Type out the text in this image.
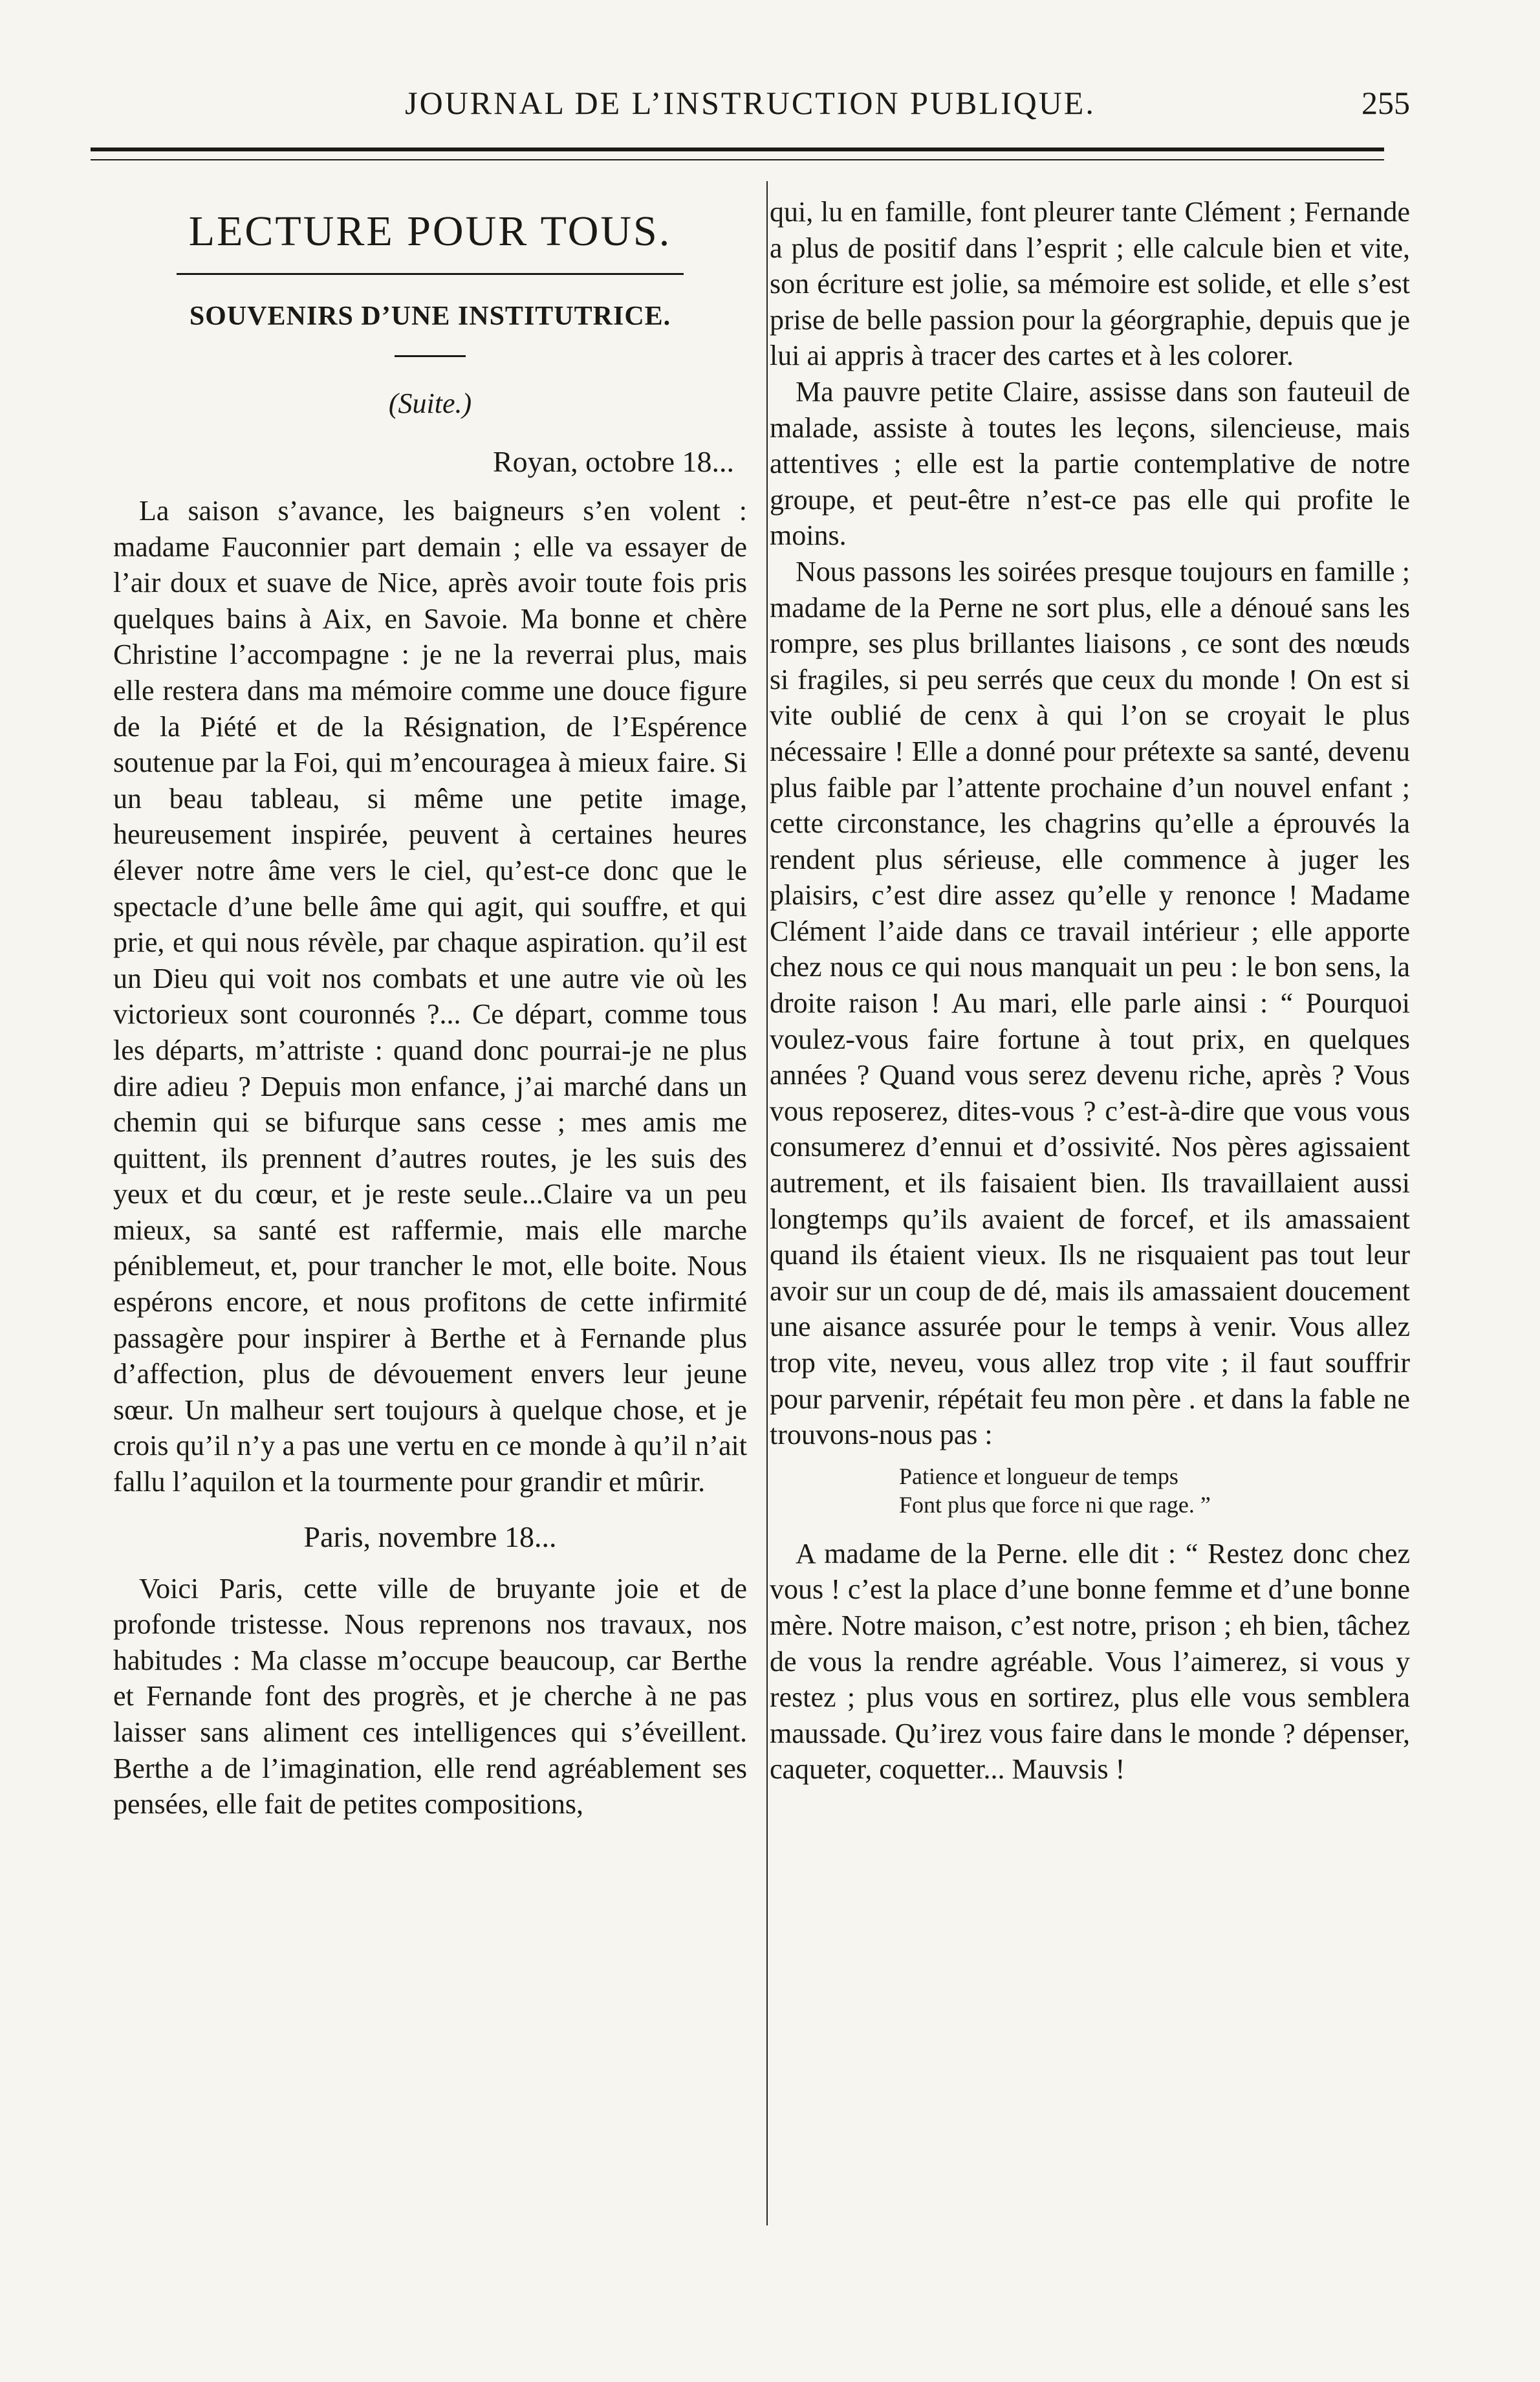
JOURNAL DE L’INSTRUCTION PUBLIQUE.	255
LECTURE POUR TOUS.
SOUVENIRS D’UNE INSTITUTRICE.
(Suite.)
Royan, octobre 18...

La saison s’avance, les baigneurs s’en volent : madame Fauconnier part demain ; elle va essayer de l’air doux et suave de Nice, après avoir toute fois pris quelques bains à Aix, en Savoie. Ma bonne et chère Christine l’accompagne : je ne la reverrai plus, mais elle restera dans ma mémoire comme une douce figure de la Piété et de la Résignation, de l’Espérence soutenue par la Foi, qui m’encouragea à mieux faire. Si un beau tableau, si même une petite image, heureusement inspirée, peuvent à certaines heures élever notre âme vers le ciel, qu’est-ce donc que le spectacle d’une belle âme qui agit, qui souffre, et qui prie, et qui nous révèle, par chaque aspiration. qu’il est un Dieu qui voit nos combats et une autre vie où les victorieux sont couronnés ?... Ce départ, comme tous les départs, m’attriste : quand donc pourrai-je ne plus dire adieu ? Depuis mon enfance, j’ai marché dans un chemin qui se bifurque sans cesse ; mes amis me quittent, ils prennent d’autres routes, je les suis des yeux et du cœur, et je reste seule...Claire va un peu mieux, sa santé est raffermie, mais elle marche péniblemeut, et, pour trancher le mot, elle boite. Nous espérons encore, et nous profitons de cette infirmité passagère pour inspirer à Berthe et à Fernande plus d’affection, plus de dévouement envers leur jeune sœur. Un malheur sert toujours à quelque chose, et je crois qu’il n’y a pas une vertu en ce monde à qu’il n’ait fallu l’aquilon et la tourmente pour grandir et mûrir.

Paris, novembre 18...

Voici Paris, cette ville de bruyante joie et de profonde tristesse. Nous reprenons nos travaux, nos habitudes : Ma classe m’occupe beaucoup, car Berthe et Fernande font des progrès, et je cherche à ne pas laisser sans aliment ces intelligences qui s’éveillent. Berthe a de l’imagination, elle rend agréablement ses pensées, elle fait de petites compositions,

qui, lu en famille, font pleurer tante Clément ; Fernande a plus de positif dans l’esprit ; elle calcule bien et vite, son écriture est jolie, sa mémoire est solide, et elle s’est prise de belle passion pour la géorgraphie, depuis que je lui ai appris à tracer des cartes et à les colorer.

Ma pauvre petite Claire, assisse dans son fauteuil de malade, assiste à toutes les leçons, silencieuse, mais attentives ; elle est la partie contemplative de notre groupe, et peut-être n’est-ce pas elle qui profite le moins.

Nous passons les soirées presque toujours en famille ; madame de la Perne ne sort plus, elle a dénoué sans les rompre, ses plus brillantes liaisons , ce sont des nœuds si fragiles, si peu serrés que ceux du monde ! On est si vite oublié de cenx à qui l’on se croyait le plus nécessaire ! Elle a donné pour prétexte sa santé, devenu plus faible par l’attente prochaine d’un nouvel enfant ; cette circonstance, les chagrins qu’elle a éprouvés la rendent plus sérieuse, elle commence à juger les plaisirs, c’est dire assez qu’elle y renonce ! Madame Clément l’aide dans ce travail intérieur ; elle apporte chez nous ce qui nous manquait un peu : le bon sens, la droite raison ! Au mari, elle parle ainsi : “ Pourquoi voulez-vous faire fortune à tout prix, en quelques années ? Quand vous serez devenu riche, après ? Vous vous reposerez, dites-vous ? c’est-à-dire que vous vous consumerez d’ennui et d’ossivité. Nos pères agissaient autrement, et ils faisaient bien. Ils travaillaient aussi longtemps qu’ils avaient de forcef, et ils amassaient quand ils étaient vieux. Ils ne risquaient pas tout leur avoir sur un coup de dé, mais ils amassaient doucement une aisance assurée pour le temps à venir. Vous allez trop vite, neveu, vous allez trop vite ; il faut souffrir pour parvenir, répétait feu mon père . et dans la fable ne trouvons-nous pas :

Patience et longueur de temps
Font plus que force ni que rage. ”

A madame de la Perne. elle dit : “ Restez donc chez vous ! c’est la place d’une bonne femme et d’une bonne mère. Notre maison, c’est notre, prison ; eh bien, tâchez de vous la rendre agréable. Vous l’aimerez, si vous y restez ; plus vous en sortirez, plus elle vous semblera maussade. Qu’irez vous faire dans le monde ? dépenser, caqueter, coquetter... Mauvsis !
